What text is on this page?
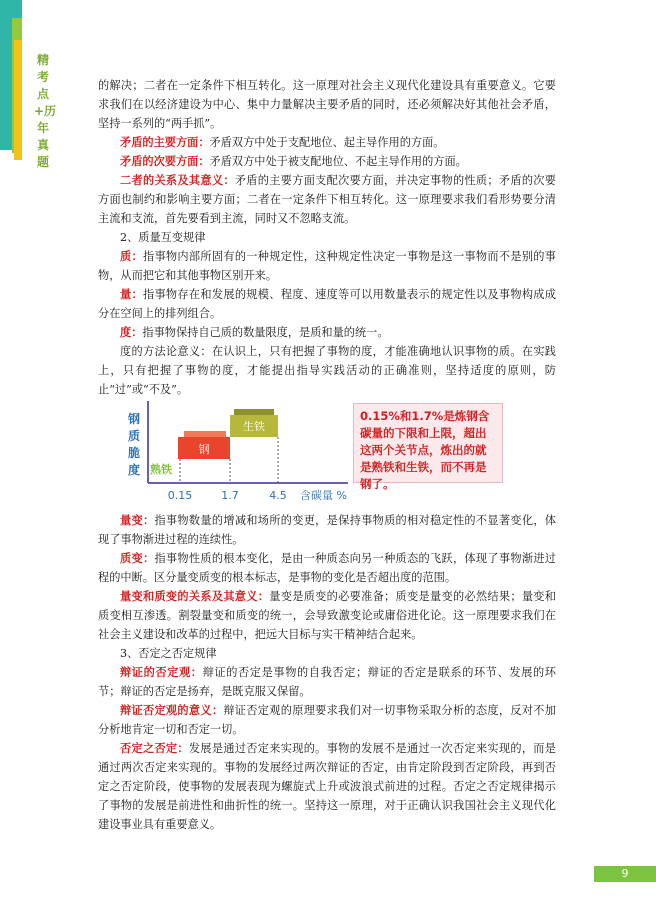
精考点+历年真题

的解决；二者在一定条件下相互转化。这一原理对社会主义现代化建设具有重要意义。它要求我们在以经济建设为中心、集中力量解决主要矛盾的同时，还必须解决好其他社会矛盾，坚持一系列的“两手抓”。

矛盾的主要方面：矛盾双方中处于支配地位、起主导作用的方面。

矛盾的次要方面：矛盾双方中处于被支配地位、不起主导作用的方面。

二者的关系及其意义：矛盾的主要方面支配次要方面，并决定事物的性质；矛盾的次要方面也制约和影响主要方面；二者在一定条件下相互转化。这一原理要求我们看形势要分清主流和支流，首先要看到主流，同时又不忽略支流。

2、质量互变规律

质：指事物内部所固有的一种规定性，这种规定性决定一事物是这一事物而不是别的事物，从而把它和其他事物区别开来。

量：指事物存在和发展的规模、程度、速度等可以用数量表示的规定性以及事物构成成分在空间上的排列组合。

度：指事物保持自己质的数量限度，是质和量的统一。

度的方法论意义：在认识上，只有把握了事物的度，才能准确地认识事物的质。在实践上，只有把握了事物的度，才能提出指导实践活动的正确准则，坚持适度的原则，防止“过”或“不及”。

钢
质
脆
度
钢
生铁
熟铁
0.15	1.7	4.5 含碳量 %
0.15%和1.7%是炼钢含碳量的下限和上限，超出这两个关节点，炼出的就是熟铁和生铁，而不再是钢了。

量变：指事物数量的增减和场所的变更，是保持事物质的相对稳定性的不显著变化，体现了事物渐进过程的连续性。

质变：指事物性质的根本变化，是由一种质态向另一种质态的飞跃，体现了事物渐进过程的中断。区分量变质变的根本标志，是事物的变化是否超出度的范围。

量变和质变的关系及其意义：量变是质变的必要准备；质变是量变的必然结果；量变和质变相互渗透。割裂量变和质变的统一，会导致激变论或庸俗进化论。这一原理要求我们在社会主义建设和改革的过程中，把远大目标与实干精神结合起来。

3、否定之否定规律

辩证的否定观：辩证的否定是事物的自我否定；辩证的否定是联系的环节、发展的环节；辩证的否定是扬弃，是既克服又保留。

辩证否定观的意义：辩证否定观的原理要求我们对一切事物采取分析的态度，反对不加分析地肯定一切和否定一切。

否定之否定：发展是通过否定来实现的。事物的发展不是通过一次否定来实现的，而是通过两次否定来实现的。事物的发展经过两次辩证的否定，由肯定阶段到否定阶段，再到否定之否定阶段，使事物的发展表现为螺旋式上升或波浪式前进的过程。否定之否定规律揭示了事物的发展是前进性和曲折性的统一。坚持这一原理，对于正确认识我国社会主义现代化建设事业具有重要意义。

9
